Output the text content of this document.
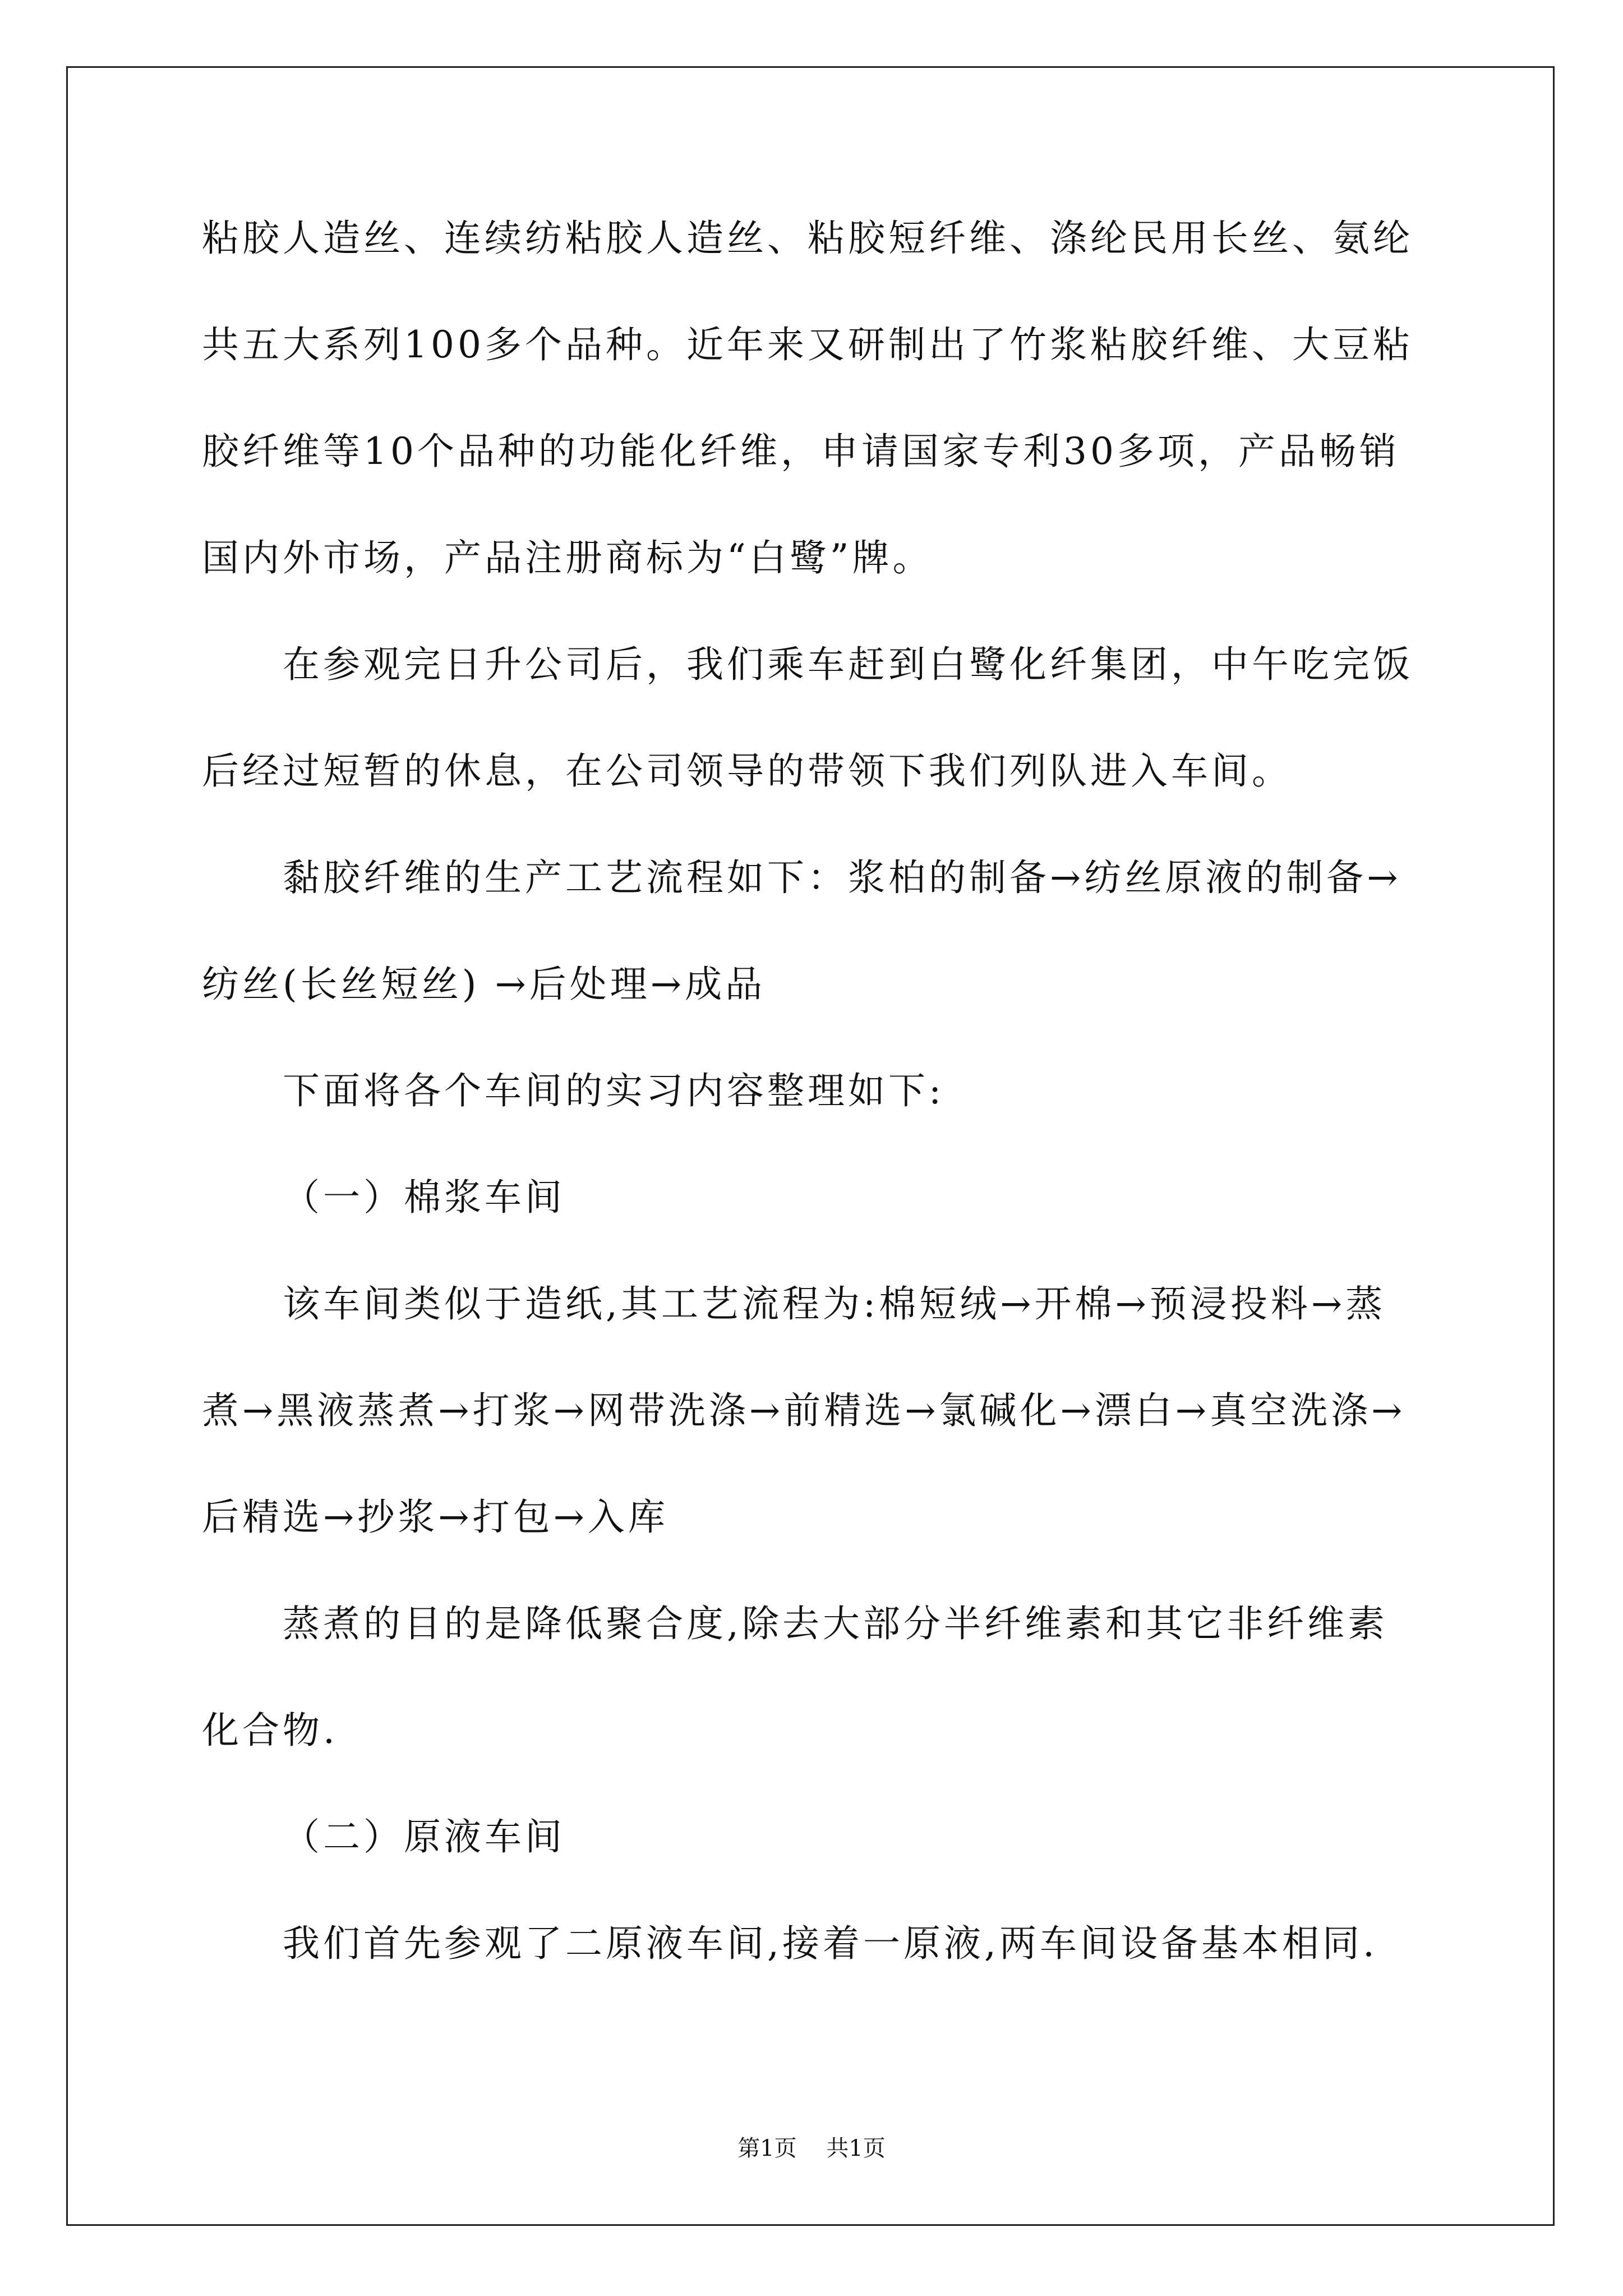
粘胶人造丝、连续纺粘胶人造丝、粘胶短纤维、涤纶民用长丝、氨纶
共五大系列100多个品种。近年来又研制出了竹浆粘胶纤维、大豆粘
胶纤维等10个品种的功能化纤维，申请国家专利30多项，产品畅销
国内外市场，产品注册商标为“白鹭”牌。
在参观完日升公司后，我们乘车赶到白鹭化纤集团，中午吃完饭
后经过短暂的休息，在公司领导的带领下我们列队进入车间。
黏胶纤维的生产工艺流程如下：浆柏的制备→纺丝原液的制备→
纺丝(长丝短丝) →后处理→成品
下面将各个车间的实习内容整理如下:
（一）棉浆车间
该车间类似于造纸,其工艺流程为:棉短绒→开棉→预浸投料→蒸
煮→黑液蒸煮→打浆→网带洗涤→前精选→氯碱化→漂白→真空洗涤→
后精选→抄浆→打包→入库
蒸煮的目的是降低聚合度,除去大部分半纤维素和其它非纤维素
化合物.
（二）原液车间
我们首先参观了二原液车间,接着一原液,两车间设备基本相同.
第1页 共1页
